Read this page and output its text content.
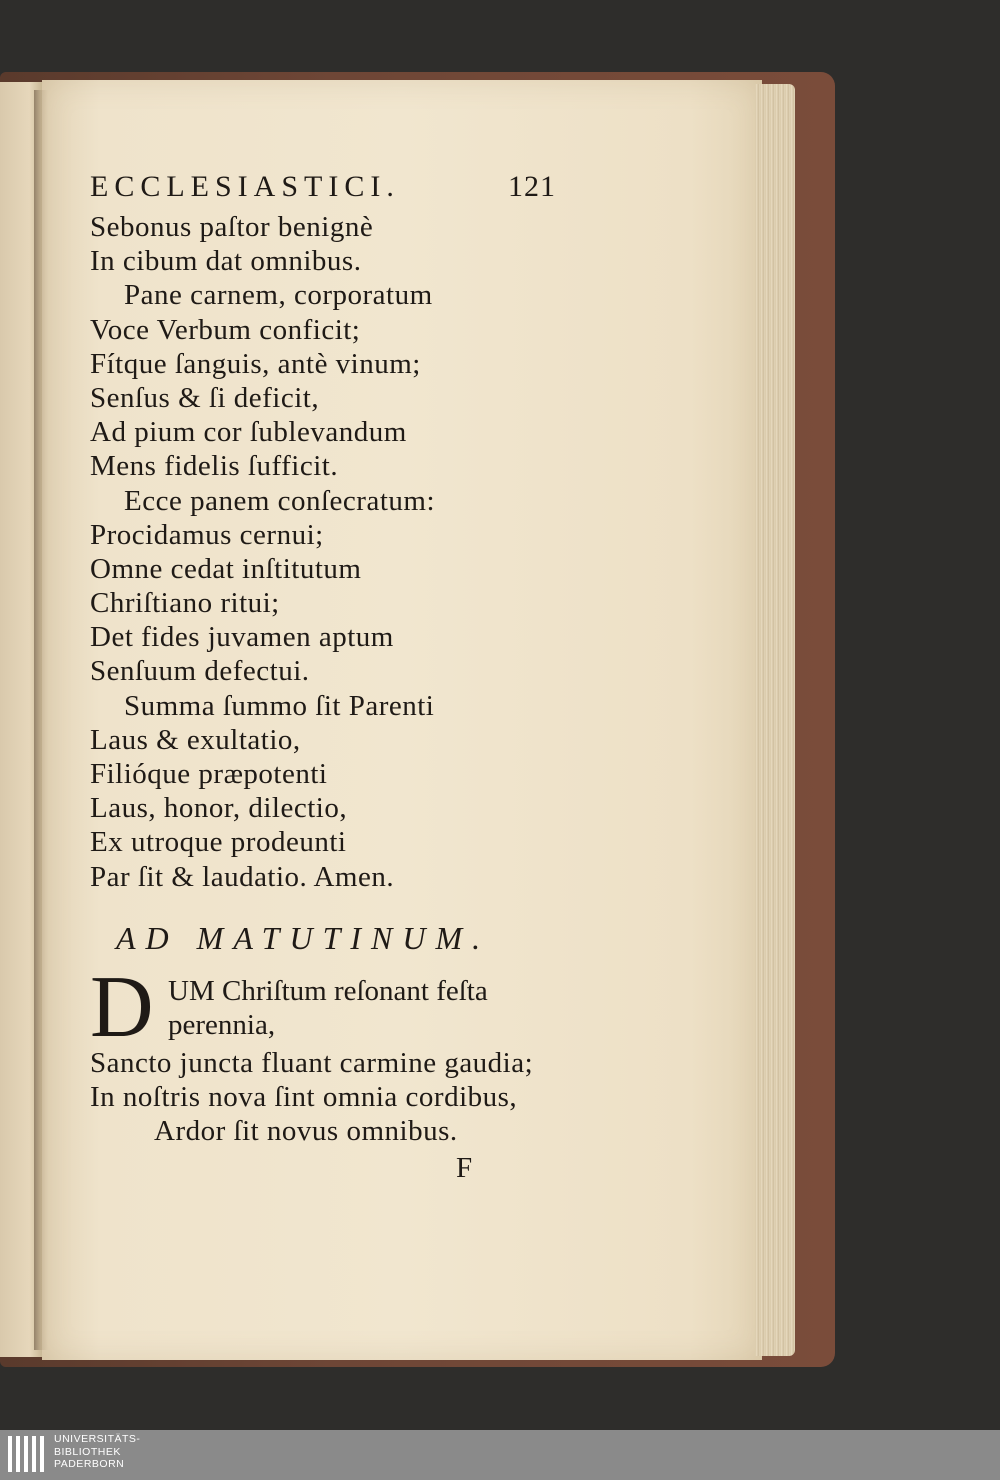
ECCLESIASTICI.	121
Sebonus paſtor benignè
In cibum dat omnibus.
Pane carnem, corporatum
Voce Verbum conficit;
Fítque ſanguis, antè vinum;
Senſus & ſi deficit,
Ad pium cor ſublevandum
Mens fidelis ſufficit.
Ecce panem conſecratum:
Procidamus cernui;
Omne cedat inſtitutum
Chriſtiano ritui;
Det fides juvamen aptum
Senſuum defectui.
Summa ſummo ſit Parenti
Laus & exultatio,
Filióque præpotenti
Laus, honor, dilectio,
Ex utroque prodeunti
Par ſit & laudatio. Amen.
AD MATUTINUM.
D UM Chriſtum reſonant feſta
perennia,
Sancto juncta fluant carmine gaudia;
In noſtris nova ſint omnia cordibus,
Ardor ſit novus omnibus.
F
UNIVERSITÄTS-
BIBLIOTHEK
PADERBORN
